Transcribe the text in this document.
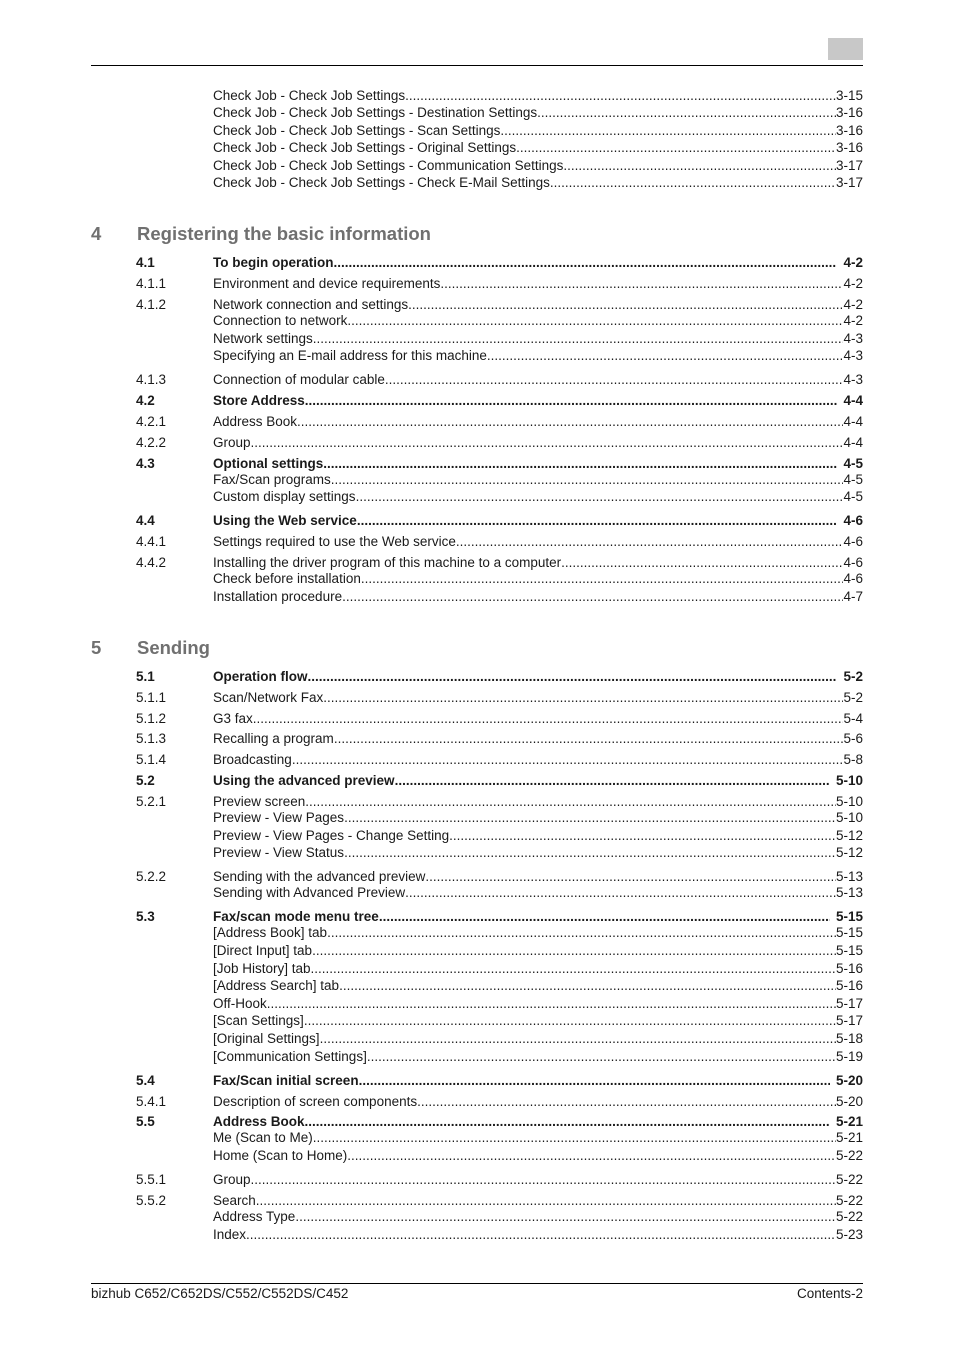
Check Job - Check Job Settings .....	3-15
Check Job - Check Job Settings - Destination Settings .....	3-16
Check Job - Check Job Settings - Scan Settings .....	3-16
Check Job - Check Job Settings - Original Settings .....	3-16
Check Job - Check Job Settings - Communication Settings .....	3-17
Check Job - Check Job Settings - Check E-Mail Settings .....	3-17
4 Registering the basic information
4.1	To begin operation .....	4-2
4.1.1	Environment and device requirements .....	4-2
4.1.2	Network connection and settings .....	4-2
Connection to network .....	4-2
Network settings .....	4-3
Specifying an E-mail address for this machine .....	4-3
4.1.3	Connection of modular cable .....	4-3
4.2	Store Address .....	4-4
4.2.1	Address Book .....	4-4
4.2.2	Group .....	4-4
4.3	Optional settings .....	4-5
Fax/Scan programs .....	4-5
Custom display settings .....	4-5
4.4	Using the Web service .....	4-6
4.4.1	Settings required to use the Web service .....	4-6
4.4.2	Installing the driver program of this machine to a computer .....	4-6
Check before installation .....	4-6
Installation procedure .....	4-7
5 Sending
5.1	Operation flow .....	5-2
5.1.1	Scan/Network Fax .....	5-2
5.1.2	G3 fax .....	5-4
5.1.3	Recalling a program .....	5-6
5.1.4	Broadcasting .....	5-8
5.2	Using the advanced preview .....	5-10
5.2.1	Preview screen .....	5-10
Preview - View Pages .....	5-10
Preview - View Pages - Change Setting .....	5-12
Preview - View Status .....	5-12
5.2.2	Sending with the advanced preview .....	5-13
Sending with Advanced Preview .....	5-13
5.3	Fax/scan mode menu tree .....	5-15
[Address Book] tab .....	5-15
[Direct Input] tab .....	5-15
[Job History] tab .....	5-16
[Address Search] tab .....	5-16
Off-Hook .....	5-17
[Scan Settings] .....	5-17
[Original Settings] .....	5-18
[Communication Settings] .....	5-19
5.4	Fax/Scan initial screen .....	5-20
5.4.1	Description of screen components .....	5-20
5.5	Address Book .....	5-21
Me (Scan to Me) .....	5-21
Home (Scan to Home) .....	5-22
5.5.1	Group .....	5-22
5.5.2	Search .....	5-22
Address Type .....	5-22
Index .....	5-23
bizhub C652/C652DS/C552/C552DS/C452	Contents-2
